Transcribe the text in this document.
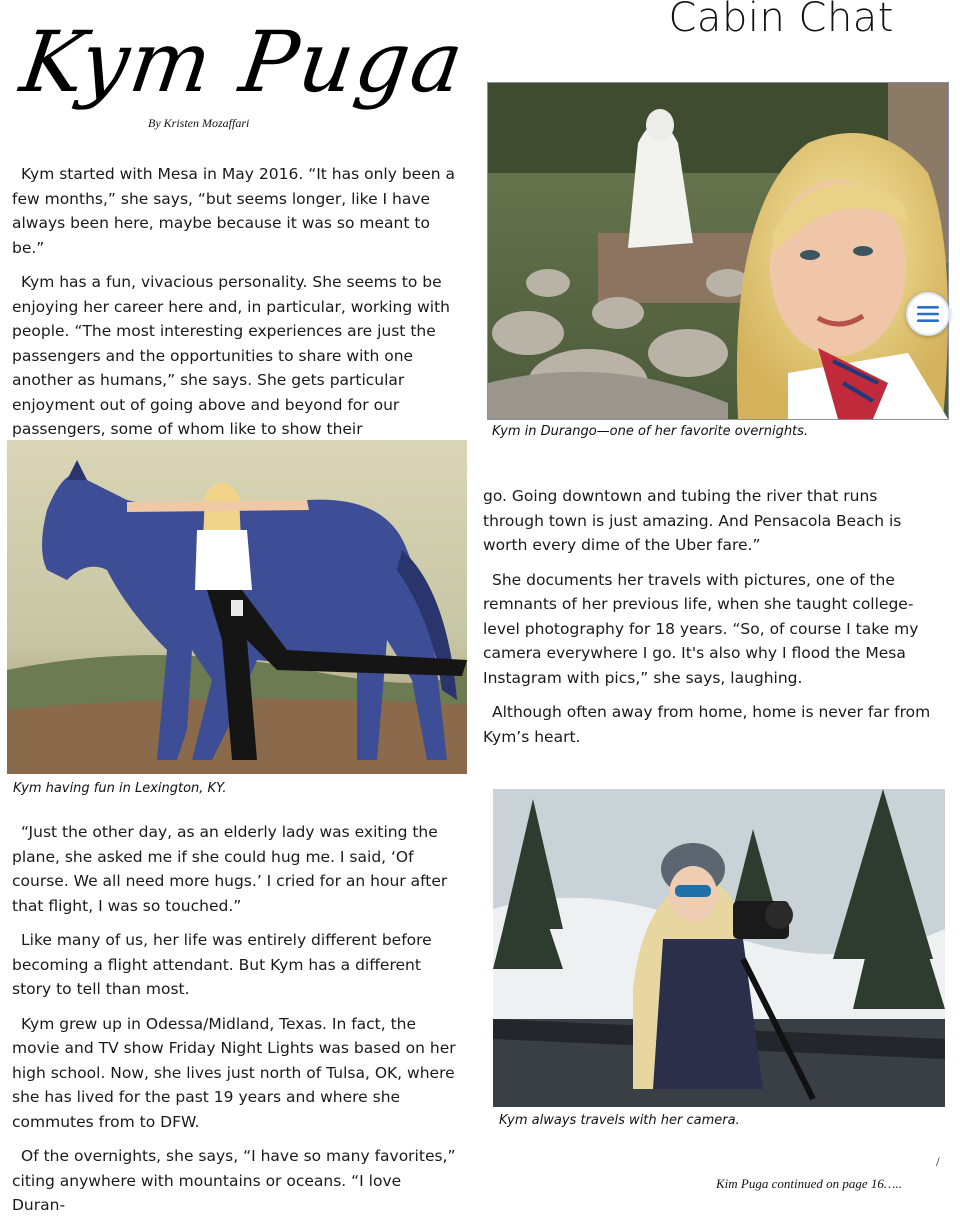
Cabin Chat
Kym Puga
By Kristen Mozaffari

Kym started with Mesa in May 2016. “It has only been a few months,” she says, “but seems longer, like I have always been here, maybe because it was so meant to be.”

Kym has a fun, vivacious personality. She seems to be enjoying her career here and, in particular, working with people. “The most interesting experiences are just the passengers and the opportunities to share with one another as humans,” she says. She gets particular enjoyment out of going above and beyond for our passengers, some of whom like to show their	Kym in Durango—one of her favorite overnights.
Kym having fun in Lexington, KY.

go. Going downtown and tubing the river that runs through town is just amazing. And Pensacola Beach is worth every dime of the Uber fare.”

She documents her travels with pictures, one of the remnants of her previous life, when she taught college-level photography for 18 years. “So, of course I take my camera everywhere I go. It's also why I flood the Mesa Instagram with pics,” she says, laughing.

Although often away from home, home is never far from Kym’s heart.

Kym always travels with her camera.

“Just the other day, as an elderly lady was exiting the plane, she asked me if she could hug me. I said, ‘Of course. We all need more hugs.’ I cried for an hour after that flight, I was so touched.”

Like many of us, her life was entirely different before becoming a flight attendant. But Kym has a different story to tell than most.

Kym grew up in Odessa/Midland, Texas. In fact, the movie and TV show Friday Night Lights was based on her high school. Now, she lives just north of Tulsa, OK, where she has lived for the past 19 years and where she commutes from to DFW.

Of the overnights, she says, “I have so many favorites,” citing anywhere with mountains or oceans. “I love Duran-

/
Kim Puga continued on page 16…..
